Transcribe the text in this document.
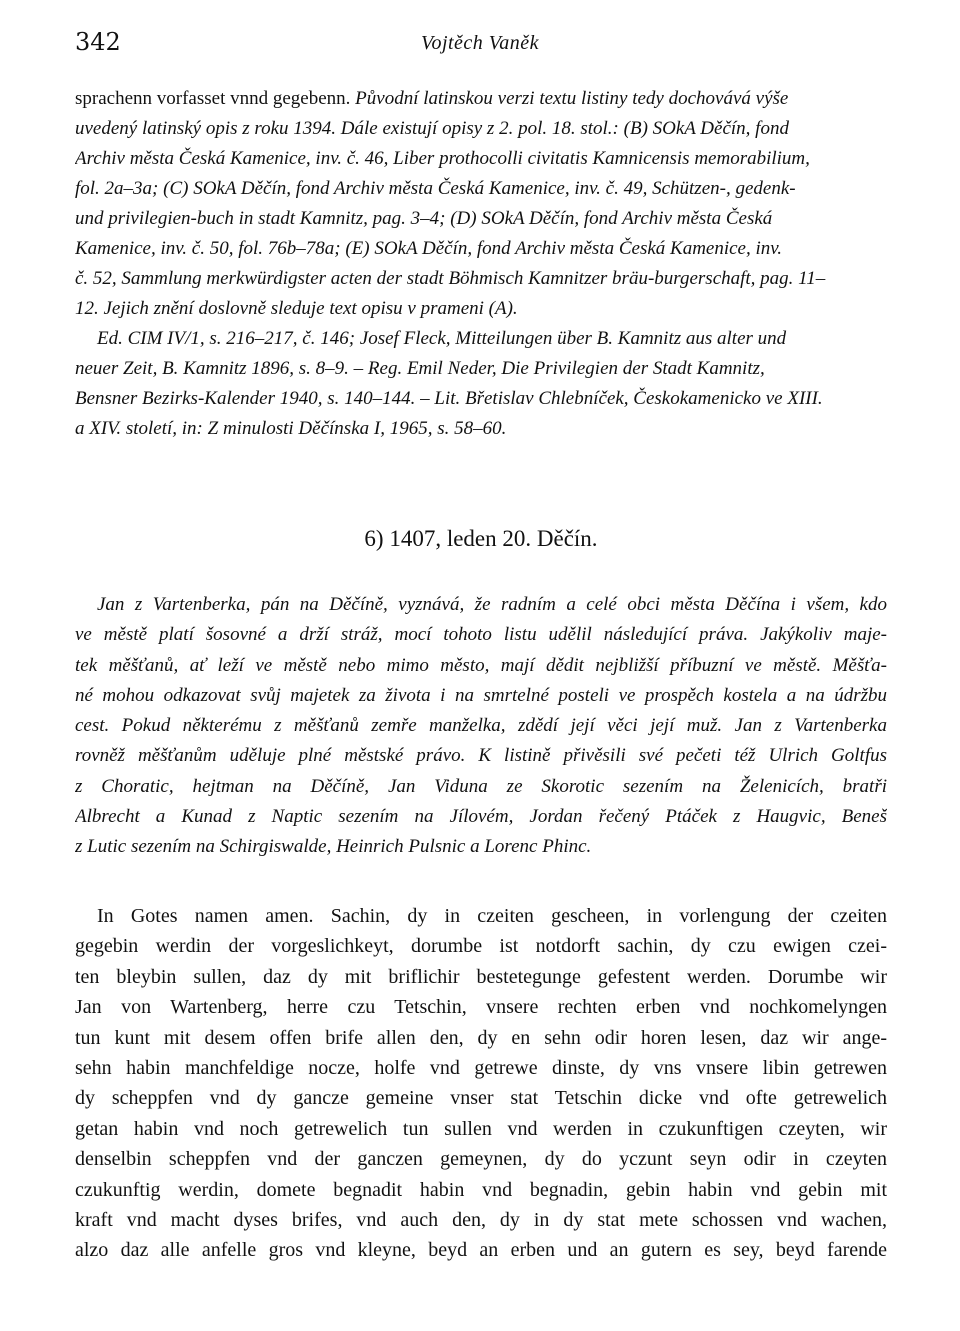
342	Vojtěch Vaněk
sprachenn vorfasset vnnd gegebenn. Původní latinskou verzi textu listiny tedy dochovává výše
uvedený latinský opis z roku 1394. Dále existují opisy z 2. pol. 18. stol.: (B) SOkA Děčín, fond
Archiv města Česká Kamenice, inv. č. 46, Liber prothocolli civitatis Kamnicensis memorabilium,
fol. 2a–3a; (C) SOkA Děčín, fond Archiv města Česká Kamenice, inv. č. 49, Schützen-, gedenk-
und privilegien-buch in stadt Kamnitz, pag. 3–4; (D) SOkA Děčín, fond Archiv města Česká
Kamenice, inv. č. 50, fol. 76b–78a; (E) SOkA Děčín, fond Archiv města Česká Kamenice, inv.
č. 52, Sammlung merkwürdigster acten der stadt Böhmisch Kamnitzer bräu-burgerschaft, pag. 11–
12. Jejich znění doslovně sleduje text opisu v prameni (A).
Ed. CIM IV/1, s. 216–217, č. 146; Josef Fleck, Mitteilungen über B. Kamnitz aus alter und
neuer Zeit, B. Kamnitz 1896, s. 8–9. – Reg. Emil Neder, Die Privilegien der Stadt Kamnitz,
Bensner Bezirks-Kalender 1940, s. 140–144. – Lit. Břetislav Chlebníček, Českokamenicko ve XIII.
a XIV. století, in: Z minulosti Děčínska I, 1965, s. 58–60.
6) 1407, leden 20. Děčín.
Jan z Vartenberka, pán na Děčíně, vyznává, že radním a celé obci města Děčína i všem, kdo
ve městě platí šosovné a drží stráž, mocí tohoto listu udělil následující práva. Jakýkoliv maje-
tek měšťanů, ať leží ve městě nebo mimo město, mají dědit nejbližší příbuzní ve městě. Měšťa-
né mohou odkazovat svůj majetek za života i na smrtelné posteli ve prospěch kostela a na údržbu
cest. Pokud některému z měšťanů zemře manželka, zdědí její věci její muž. Jan z Vartenberka
rovněž měšťanům uděluje plné městské právo. K listině přivěsili své pečeti též Ulrich Goltfus
z Choratic, hejtman na Děčíně, Jan Viduna ze Skorotic sezením na Želenicích, bratři
Albrecht a Kunad z Naptic sezením na Jílovém, Jordan řečený Ptáček z Haugvic, Beneš
z Lutic sezením na Schirgiswalde, Heinrich Pulsnic a Lorenc Phinc.
In Gotes namen amen. Sachin, dy in czeiten gescheen, in vorlengung der czeiten
gegebin werdin der vorgeslichkeyt, dorumbe ist notdorft sachin, dy czu ewigen czei-
ten bleybin sullen, daz dy mit briflichir bestetegunge gefestent werden. Dorumbe wir
Jan von Wartenberg, herre czu Tetschin, vnsere rechten erben vnd nochkomelyngen
tun kunt mit desem offen brife allen den, dy en sehn odir horen lesen, daz wir ange-
sehn habin manchfeldige nocze, holfe vnd getrewe dinste, dy vns vnsere libin getrewen
dy scheppfen vnd dy gancze gemeine vnser stat Tetschin dicke vnd ofte getrewelich
getan habin vnd noch getrewelich tun sullen vnd werden in czukunftigen czeyten, wir
denselbin scheppfen vnd der ganczen gemeynen, dy do yczunt seyn odir in czeyten
czukunftig werdin, domete begnadit habin vnd begnadin, gebin habin vnd gebin mit
kraft vnd macht dyses brifes, vnd auch den, dy in dy stat mete schossen vnd wachen,
alzo daz alle anfelle gros vnd kleyne, beyd an erben und an gutern es sey, beyd farende
